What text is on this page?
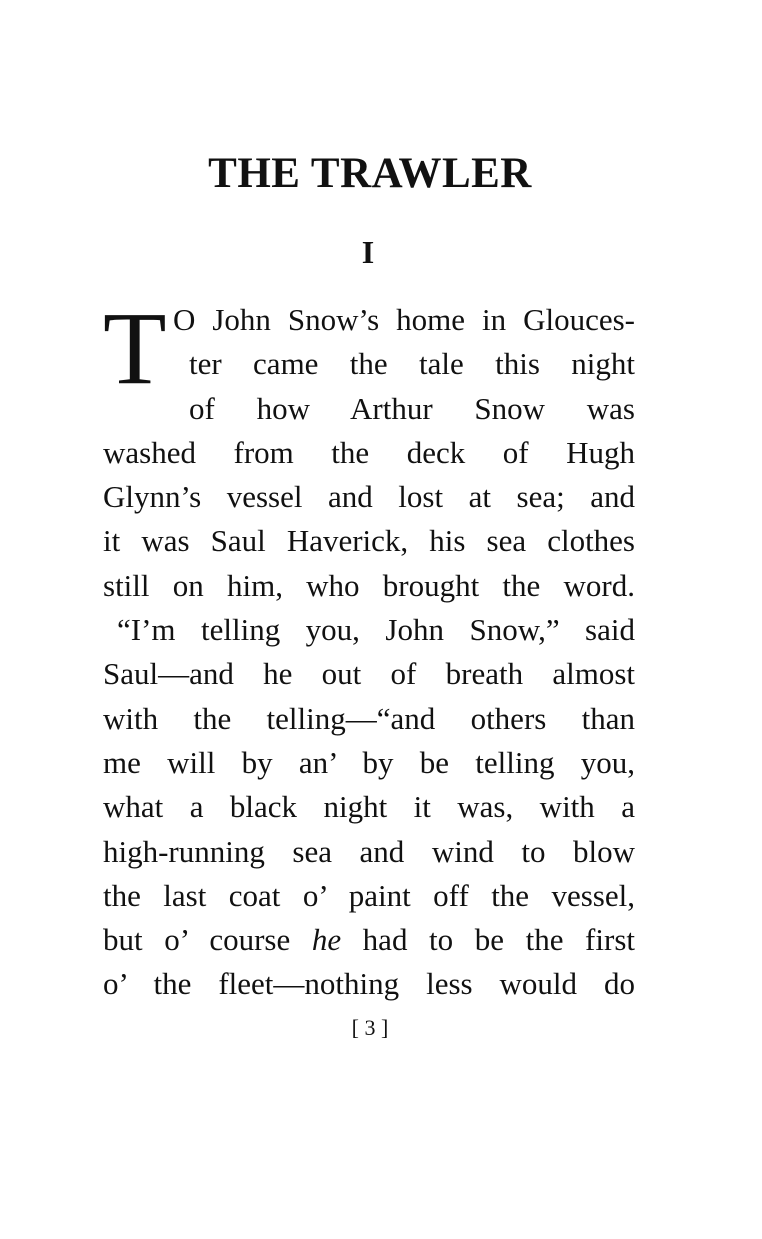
THE TRAWLER
I
T O John Snow’s home in Glouces-
ter came the tale this night
of how Arthur Snow was
washed from the deck of Hugh
Glynn’s vessel and lost at sea; and
it was Saul Haverick, his sea clothes
still on him, who brought the word.
“I’m telling you, John Snow,” said
Saul—and he out of breath almost
with the telling—“and others than
me will by an’ by be telling you,
what a black night it was, with a
high-running sea and wind to blow
the last coat o’ paint off the vessel,
but o’ course he had to be the first
o’ the fleet—nothing less would do
[ 3 ]
